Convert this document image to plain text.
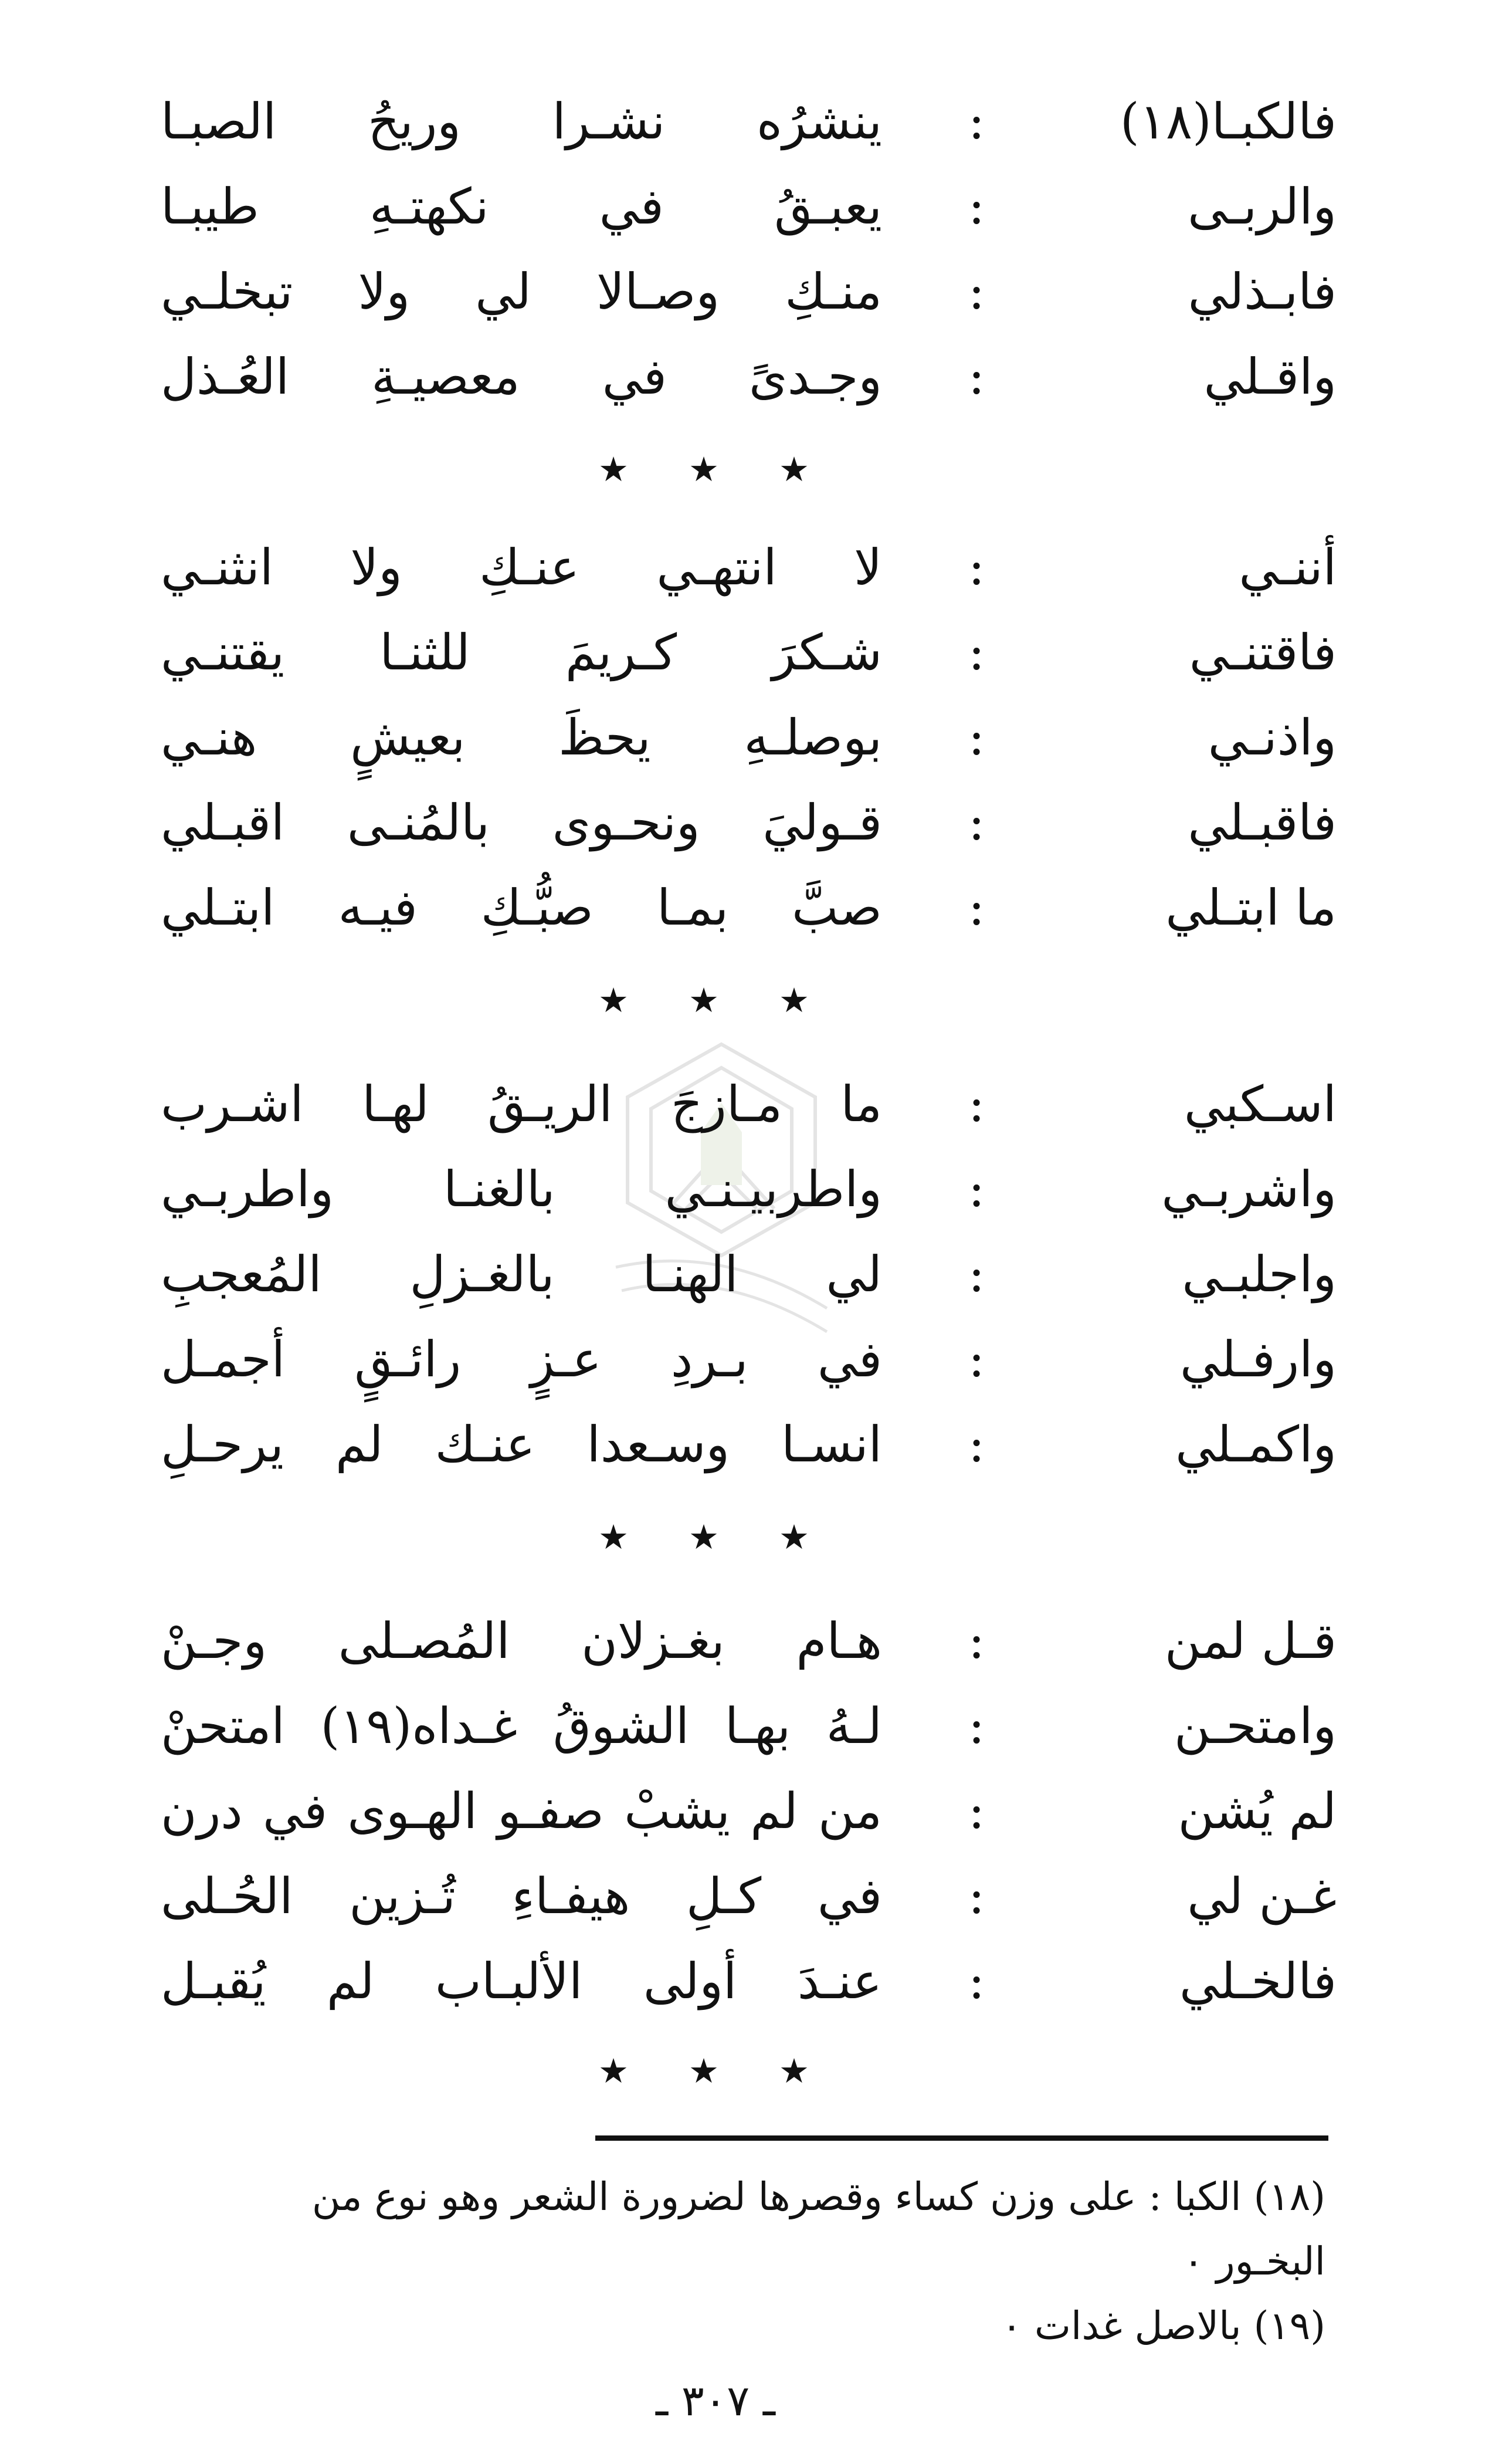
فالكبـا(١٨)
:
ينشرُه نشـرا وريحُ الصبـا
والربـى
:
يعبـقُ في نكهتـهِ طيبـا
فابـذلي
:
منـكِ وصـالا لي ولا تبخلـي
واقـلي
:
وجـدىً في معصيـةِ العُـذل
★ ★ ★
أننـي
:
لا انتهـي عنـكِ ولا انثنـي
فاقتنـي
:
شـكرَ كـريمَ للثنـا يقتنـي
واذنـي
:
بوصلـهِ يحظَ بعيشٍ هنـي
فاقبـلي
:
قـوليَ ونحـوى بالمُنـى اقبـلي
ما ابتـلي
:
صبَّ بمـا صبُّـكِ فيـه ابتـلي
★ ★ ★
اسـكبي
:
ما مـازجَ الريـقُ لهـا اشـرب
واشربـي
:
واطربيـنـي بالغنـا واطربـي
واجلبـي
:
لي الهنـا بالغـزلِ المُعجبِ
وارفـلي
:
في بـردِ عـزٍ رائـقٍ أجمـل
واكمـلي
:
انسـا وسـعدا عنـك لم يرحـلِ
★ ★ ★
قـل لمن
:
هـام بغـزلان المُصـلى وجـنْ
وامتحـن
:
لـهُ بهـا الشوقُ غـداه(١٩) امتحنْ
لم يُشن
:
من لم يشبْ صفـو الهـوى في درن
غـن لي
:
في كـلِ هيفـاءِ تُـزين الحُـلى
فالخـلي
:
عنـدَ أولى الألبـاب لم يُقبـل
★ ★ ★
(١٨) الكبا : على وزن كساء وقصرها لضرورة الشعر وهو نوع من
البخـور ٠
(١٩) بالاصل غدات ٠
ـ ٣٠٧ ـ
